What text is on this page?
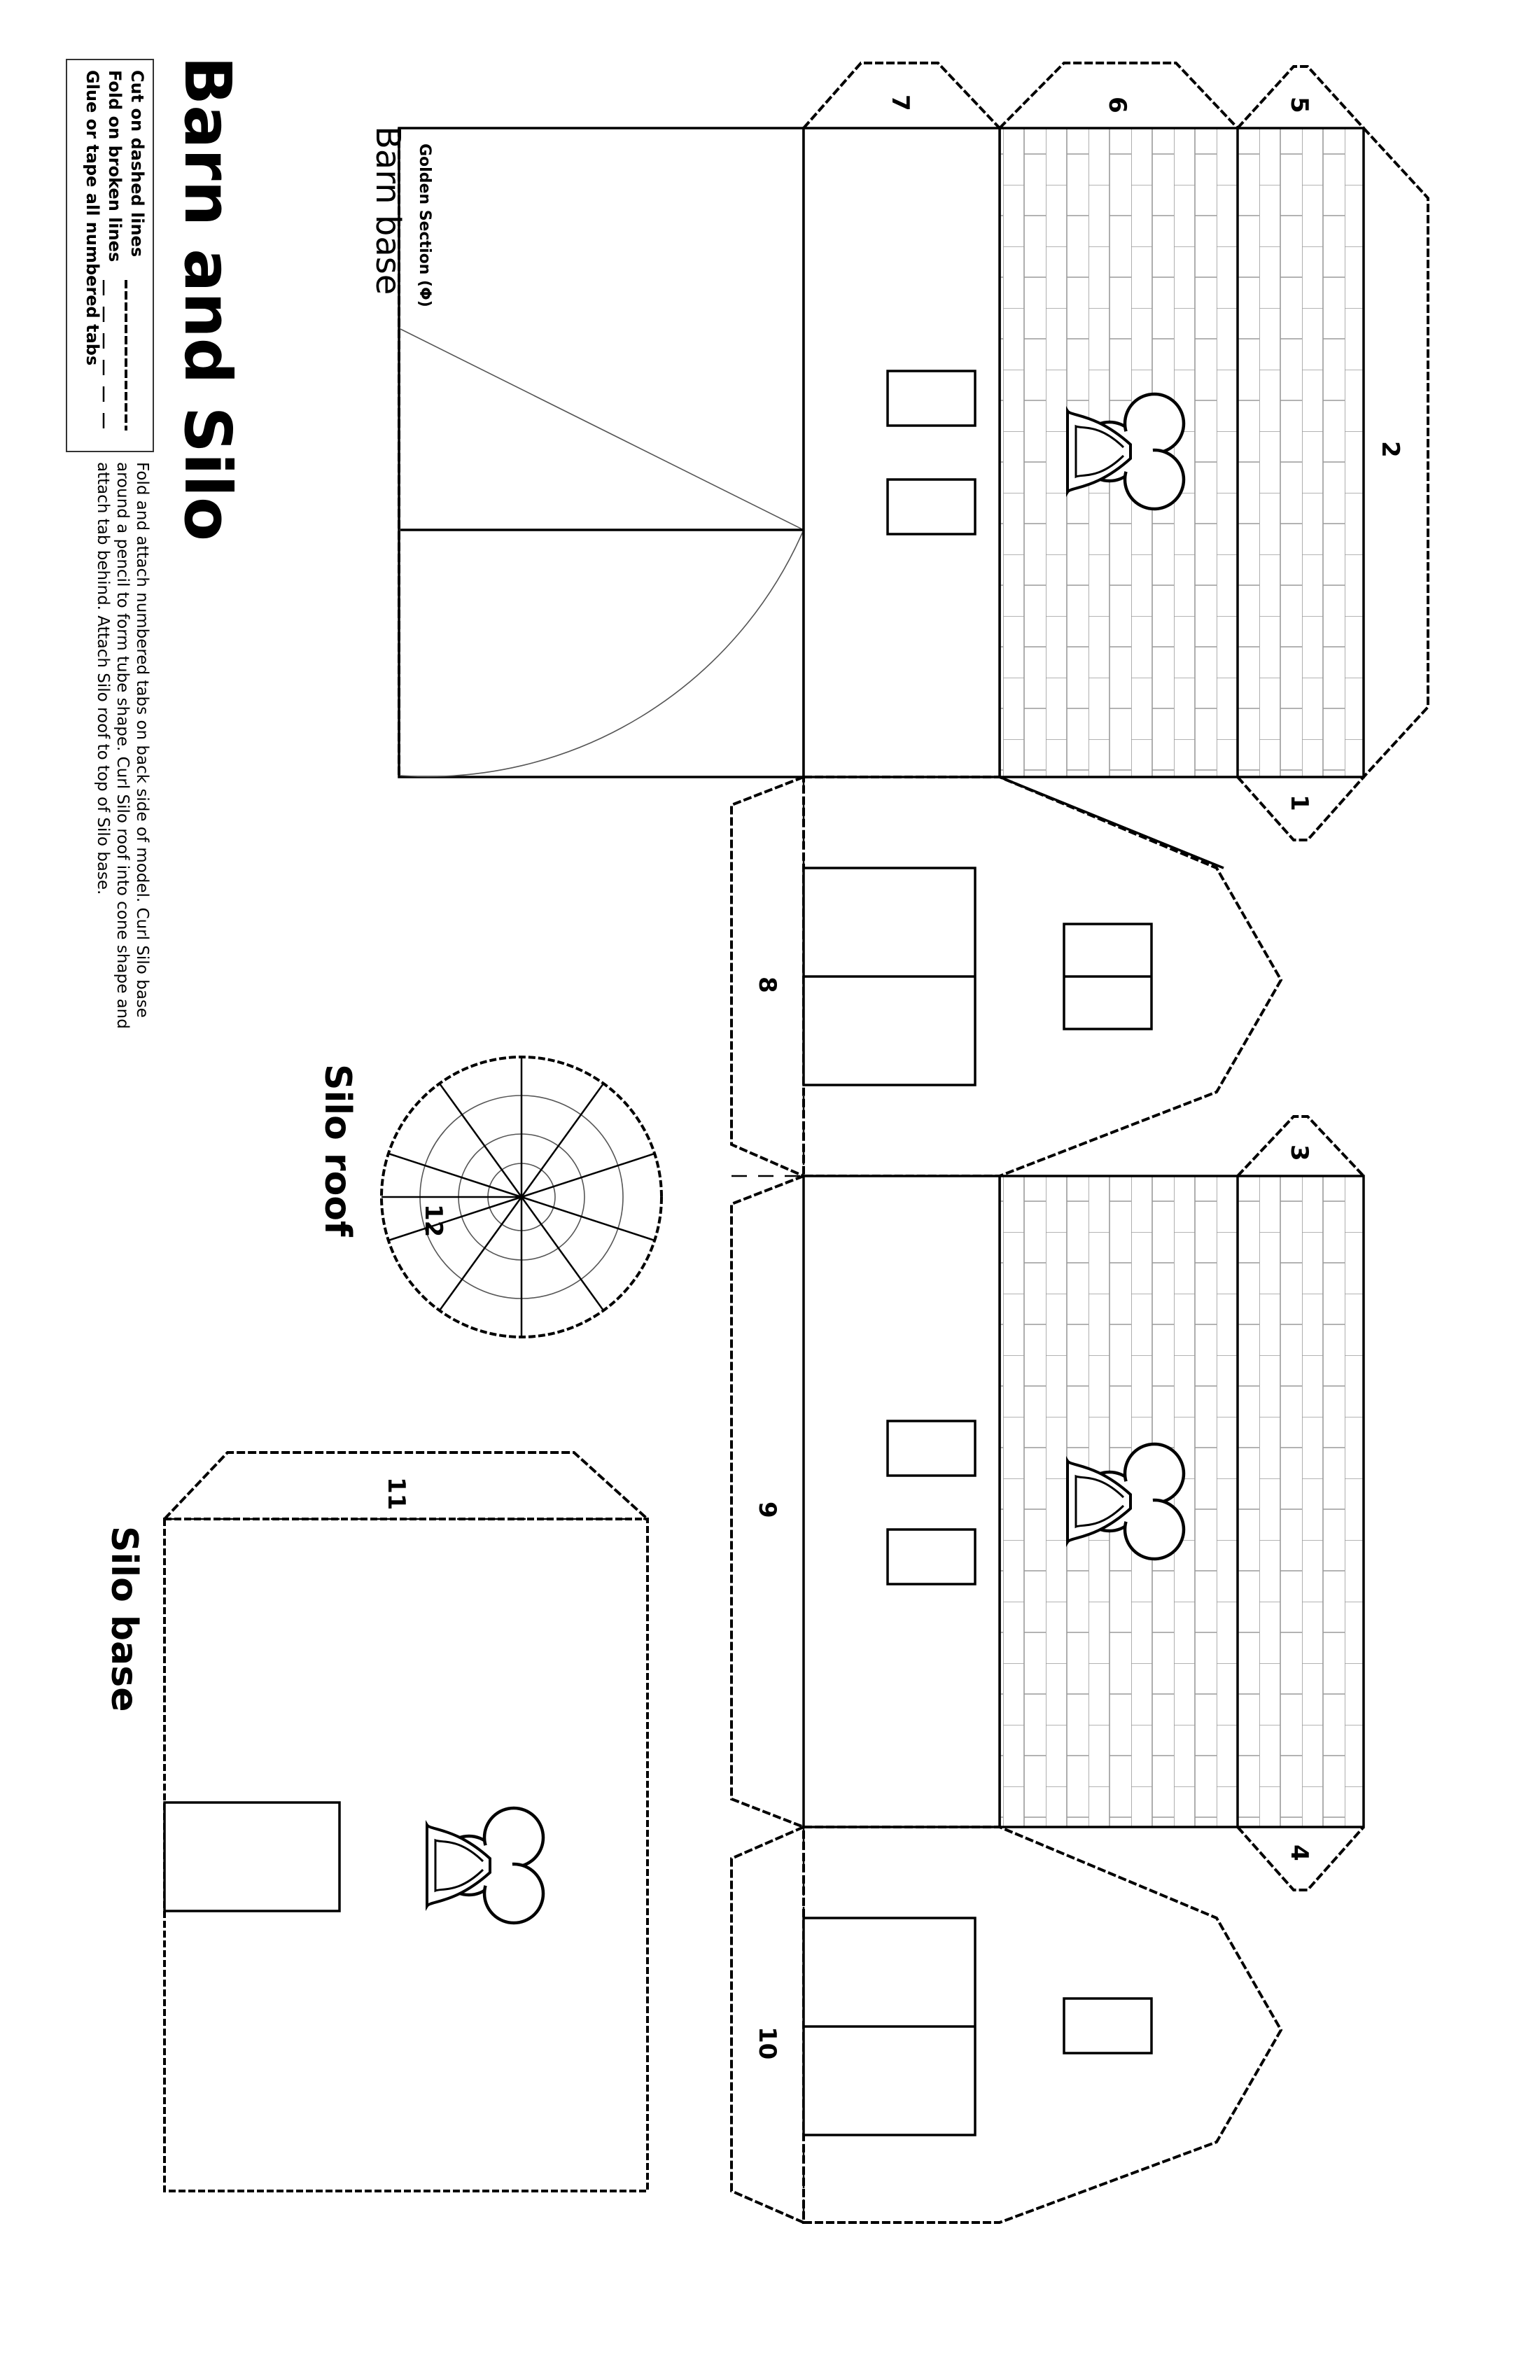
Barn and Silo
Cut on dashed lines
Fold on broken lines
Glue or tape all numbered tabs
Fold and attach numbered tabs on back side of model. Curl Silo base
around a pencil to form tube shape. Curl Silo roof into cone shape and
attach tab behind. Attach Silo roof to top of Silo base.
Barn base Golden Section (Φ)
Silo roof
Silo base
1
2
3
4
5
6
7
8
9
10
11
12
